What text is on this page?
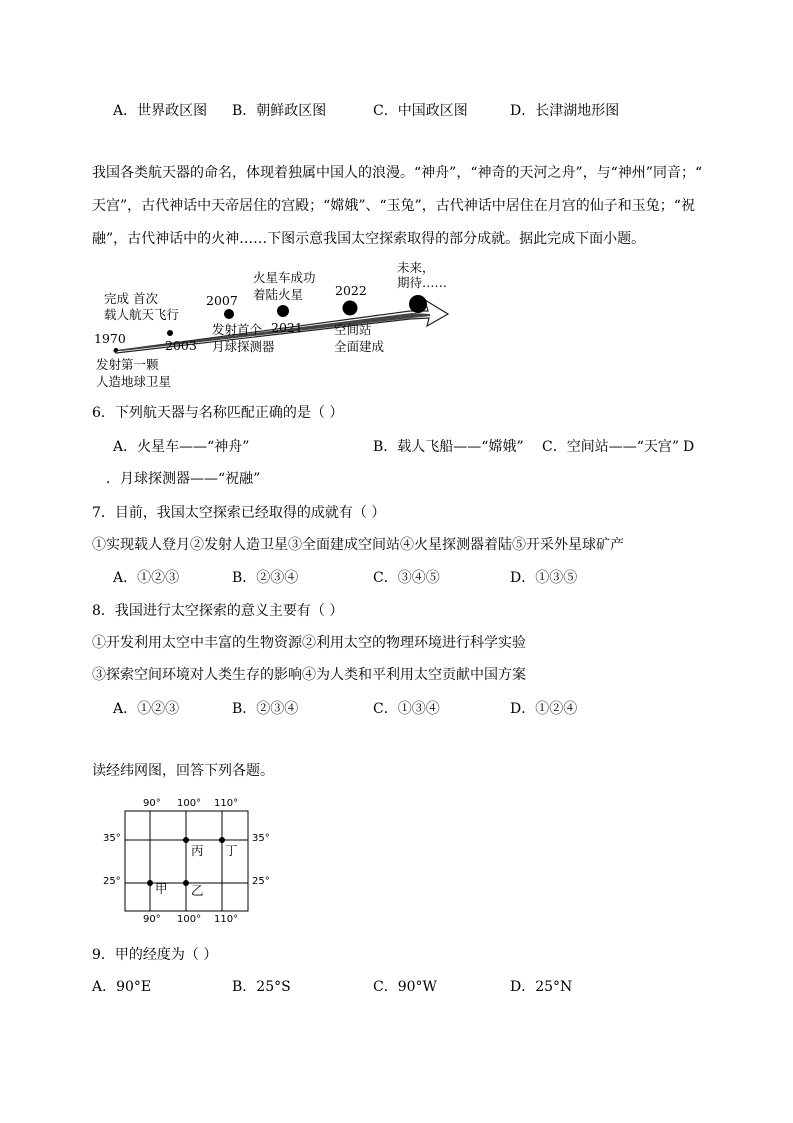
A．世界政区图 B．朝鲜政区图	C．中国政区图	D．长津湖地形图
我国各类航天器的命名，体现着独属中国人的浪漫。“神舟”，“神奇的天河之舟”，与“神州”同音；“
天宫”，古代神话中天帝居住的宫殿；“嫦娥”、“玉兔”，古代神话中居住在月宫的仙子和玉兔；“祝
融”，古代神话中的火神……下图示意我国太空探索取得的部分成就。据此完成下面小题。
1970
发射第一颗
人造地球卫星
2003
完成 首次
载人航天飞行
2007
发射首个
月球探测器
2021
火星车成功
着陆火星	2022
空间站
全面建成
未来，
期待……
6．下列航天器与名称匹配正确的是（ ）
A．火星车——“神舟”	B．载人飞船——“嫦娥” C．空间站——“天宫” D
．月球探测器——“祝融”
7．目前，我国太空探索已经取得的成就有（ ）
①实现载人登月②发射人造卫星③全面建成空间站④火星探测器着陆⑤开采外星球矿产
A．①②③	B．②③④	C．③④⑤	D．①③⑤
8．我国进行太空探索的意义主要有（ ）
①开发利用太空中丰富的生物资源②利用太空的物理环境进行科学实验
③探索空间环境对人类生存的影响④为人类和平利用太空贡献中国方案
A．①②③	B．②③④	C．①③④	D．①②④
读经纬网图，回答下列各题。
90° 100° 110°
90° 100° 110°
35°
25°
35°
25°
甲 乙
丙 丁
9．甲的经度为（ ）
A．90°E	B．25°S	C．90°W	D．25°N
